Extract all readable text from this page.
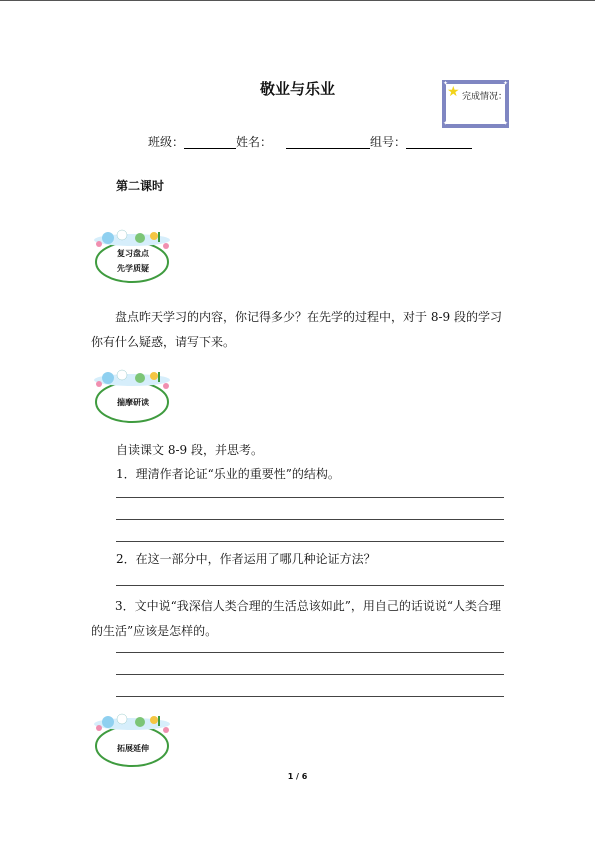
敬业与乐业	★ 完成情况：
✦	✦
✦	✦
班级：	姓名：	组号：
第二课时
复习盘点
先学质疑
盘点昨天学习的内容，你记得多少？在先学的过程中，对于 8-9 段的学习你有什么疑惑，请写下来。
揣摩研读
自读课文 8-9 段，并思考。
1．理清作者论证“乐业的重要性”的结构。
2．在这一部分中，作者运用了哪几种论证方法？
3．文中说“我深信人类合理的生活总该如此”，用自己的话说说“人类合理的生活”应该是怎样的。
拓展延伸
1 / 6
